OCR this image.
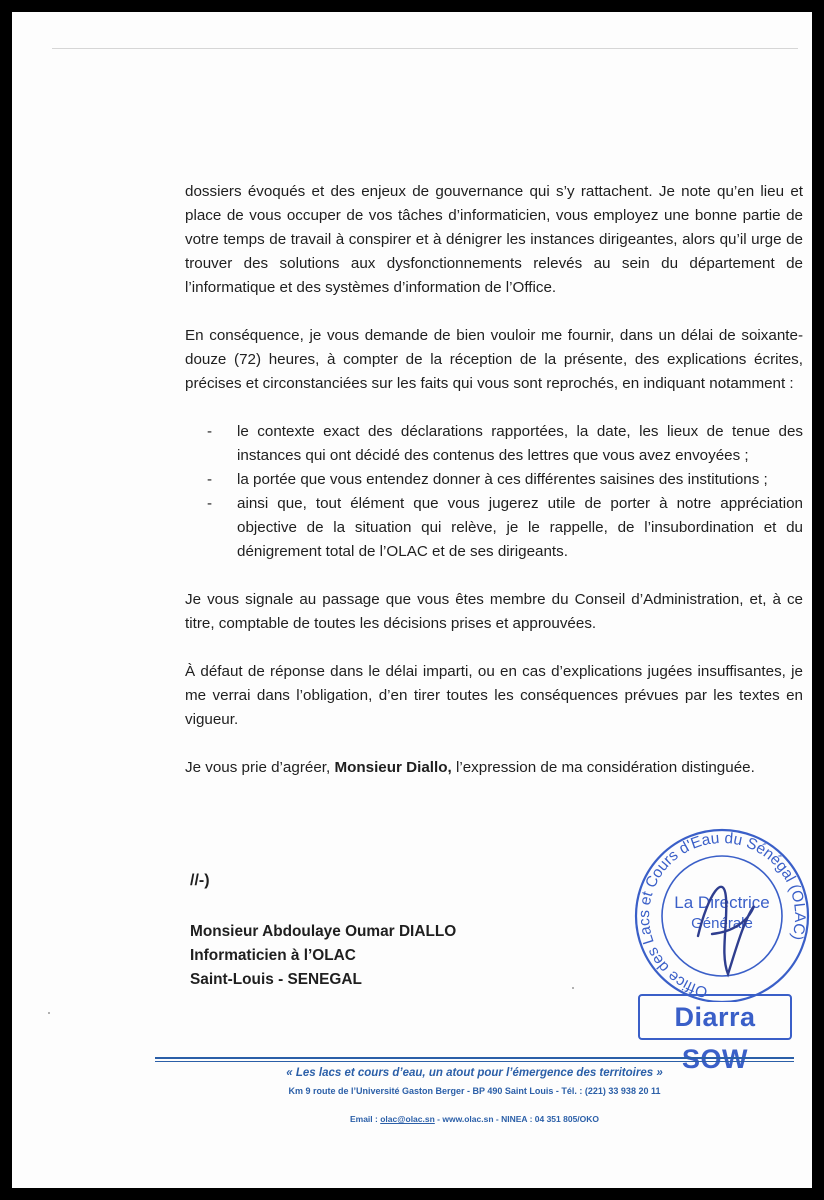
dossiers évoqués et des enjeux de gouvernance qui s’y rattachent. Je note qu’en lieu et place de vous occuper de vos tâches d’informaticien, vous employez une bonne partie de votre temps de travail à conspirer et à dénigrer les instances dirigeantes, alors qu’il urge de trouver des solutions aux dysfonctionnements relevés au sein du département de l’informatique et des systèmes d’information de l’Office.

En conséquence, je vous demande de bien vouloir me fournir, dans un délai de soixante-douze (72) heures, à compter de la réception de la présente, des explications écrites, précises et circonstanciées sur les faits qui vous sont reprochés, en indiquant notamment :

- le contexte exact des déclarations rapportées, la date, les lieux de tenue des instances qui ont décidé des contenus des lettres que vous avez envoyées ;
- la portée que vous entendez donner à ces différentes saisines des institutions ;
- ainsi que, tout élément que vous jugerez utile de porter à notre appréciation objective de la situation qui relève, je le rappelle, de l’insubordination et du dénigrement total de l’OLAC et de ses dirigeants.

Je vous signale au passage que vous êtes membre du Conseil d’Administration, et, à ce titre, comptable de toutes les décisions prises et approuvées.

À défaut de réponse dans le délai imparti, ou en cas d’explications jugées insuffisantes, je me verrai dans l’obligation, d’en tirer toutes les conséquences prévues par les textes en vigueur.

Je vous prie d’agréer, Monsieur Diallo, l’expression de ma considération distinguée.

//-)
Monsieur Abdoulaye Oumar DIALLO
Informaticien à l’OLAC
Saint-Louis - SENEGAL
Office des Lacs et Cours d'Eau du Sénégal (OLAC)
La Directrice
Générale
Diarra SOW
« Les lacs et cours d’eau, un atout pour l’émergence des territoires »
Km 9 route de l’Université Gaston Berger - BP 490 Saint Louis - Tél. : (221) 33 938 20 11
Email : olac@olac.sn - www.olac.sn - NINEA : 04 351 805/OKO
